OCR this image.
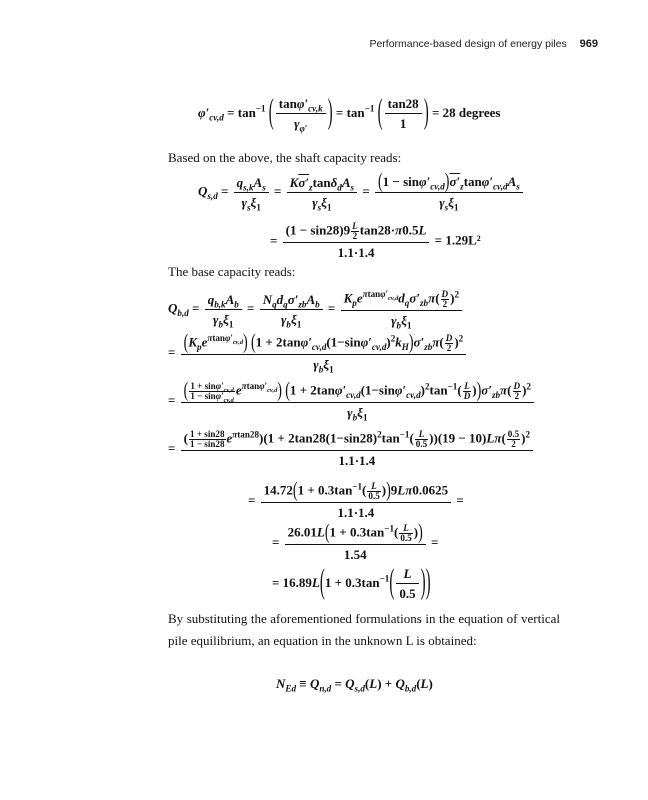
Performance-based design of energy piles 969
$\varphi'_{cv,d} = \tan^{-1}$ ( $\frac{\tan\varphi'_{cv,k}}{\gamma_{\varphi'}}$ ) = $\tan^{-1}$ ( $\frac{\tan 28}{1}$ ) = 28 degrees
Based on the above, the shaft capacity reads:
$Q_{s,d} = \frac{q_{s,k}A_s}{\gamma_s\xi_1} = \frac{K\sigma'_z\tan\delta_dA_s}{\gamma_s\xi_1} = \frac{(1 - \sin\varphi'_{cv,d})\sigma'_z\tan\varphi'_{cv,d}A_s}{\gamma_s\xi_1}$
= $\frac{(1 - \sin 28)9 \frac{L}{2} \tan 28\cdot\pi 0.5L}{1.1\cdot 1.4} = 1.29L^2$
The base capacity reads:
$Q_{b,d} = \frac{q_{b,k}A_b}{\gamma_b\xi_1} = \frac{N_qd_q\sigma'_{zb}A_b}{\gamma_b\xi_1} = \frac{K_pe^{\pi tan\varphi'_{cv,d}}d_q\sigma'_{zb}\pi( \frac{D}{2} )^2}{\gamma_b\xi_1}$
= $\frac{(K_pe^{\pi tan\varphi'_{cv,d}}) (1 + 2\tan\varphi'_{cv,d}(1-\sin\varphi'_{cv,d})^2k_H)\sigma'_{zb}\pi( \frac{D}{2} )^2}{\gamma_b\xi_1}$
= ( $\frac{1 + \sin\varphi'_{cv,d}}{1 - \sin\varphi'_{cv,d}} e^{\pi tan\varphi'_{cv,d}}$) $(1 + 2\tan\varphi'_{cv,d}(1-\sin\varphi'_{cv,d})^2\tan^{-1}( \frac{L}{D} ))\sigma'_{zb}\pi( \frac{D}{2} )^2$
$\gamma_b\xi_1$
=
( $\frac{1 + \sin 28}{1 - \sin 28} e^{\pi tan28})(1 + 2\tan 28(1-\sin 28)^2\tan^{-1}( \frac{L}{0.5} ))(19 - 10)L\pi( \frac{0.5}{2} )^2$
1.1·1.4
= $\frac{14.72(1 + 0.3\tan^{-1}( \frac{L}{0.5} ))9L\pi 0.0625}{1.1\cdot 1.4}$ =
= $\frac{26.01L(1 + 0.3\tan^{-1}( \frac{L}{0.5} ))}{1.54}$ =
= $16.89L(1 + 0.3\tan^{-1}( \frac{L}{0.5}$ ))
By substituting the aforementioned formulations in the equation of vertical pile equilibrium, an equation in the unknown L is obtained:
$N_{Ed} \equiv Q_{n,d} = Q_{s,d}(L) + Q_{b,d}(L)$
